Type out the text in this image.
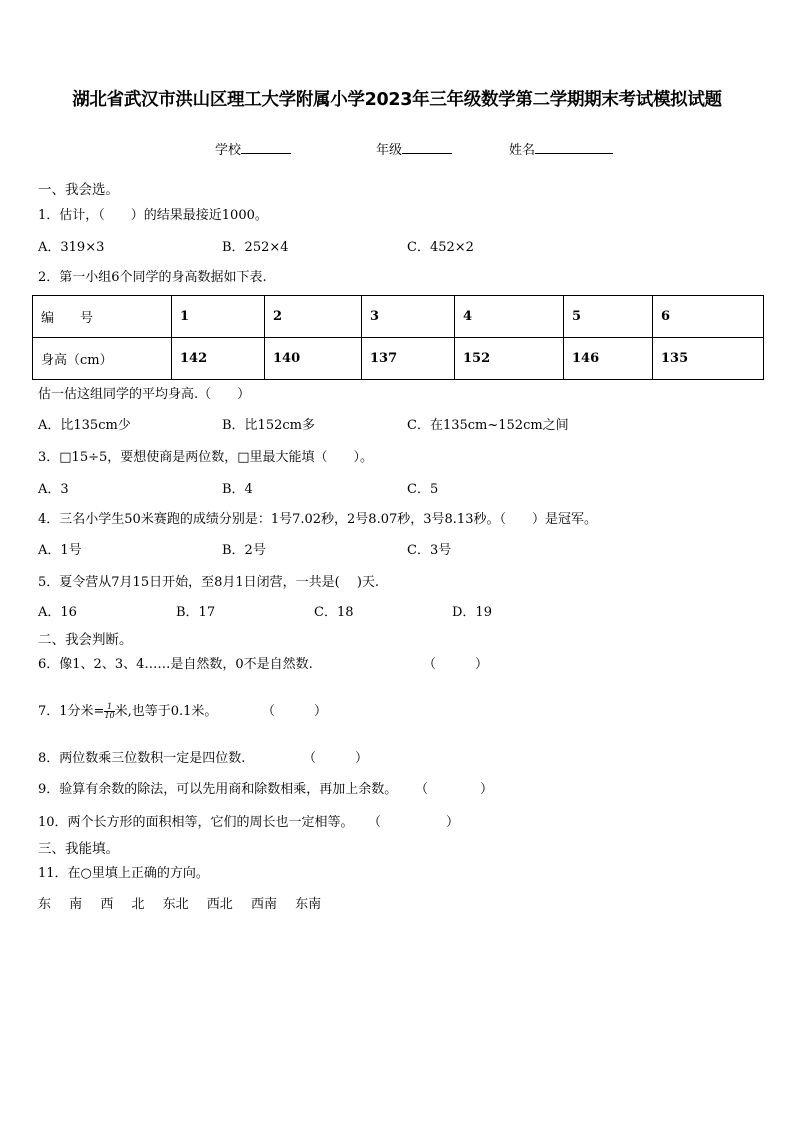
湖北省武汉市洪山区理工大学附属小学2023年三年级数学第二学期期末考试模拟试题
学校	年级	姓名
一、我会选。
1．估计，（　　）的结果最接近1000。
A．319×3	B．252×4	C．452×2
2．第一小组6个同学的身高数据如下表.
编　　号	1	2	3	4	5	6
身高（cm）	142	140	137	152	146	135
估一估这组同学的平均身高.（　　）
A．比135cm少	B．比152cm多	C．在135cm~152cm之间
3．□15÷5，要想使商是两位数，□里最大能填（　　）。
A．3	B．4	C．5
4．三名小学生50米赛跑的成绩分别是：1号7.02秒，2号8.07秒，3号8.13秒。（　　）是冠军。
A．1号	B．2号	C．3号
5．夏令营从7月15日开始，至8月1日闭营，一共是(　 )天.
A．16	B．17	C．18	D．19
二、我会判断。
6．像1、2、3、4……是自然数，0不是自然数.	（　　　）
7．1分米= $\frac{1}{10}$ 米,也等于0.1米。	（　　　）
8．两位数乘三位数积一定是四位数.	（　　　）
9．验算有余数的除法，可以先用商和除数相乘，再加上余数。 （　　　　）
10．两个长方形的面积相等，它们的周长也一定相等。 （　　　　　）
三、我能填。
11．在○里填上正确的方向。
东 南 西 北 东北 西北 西南 东南
